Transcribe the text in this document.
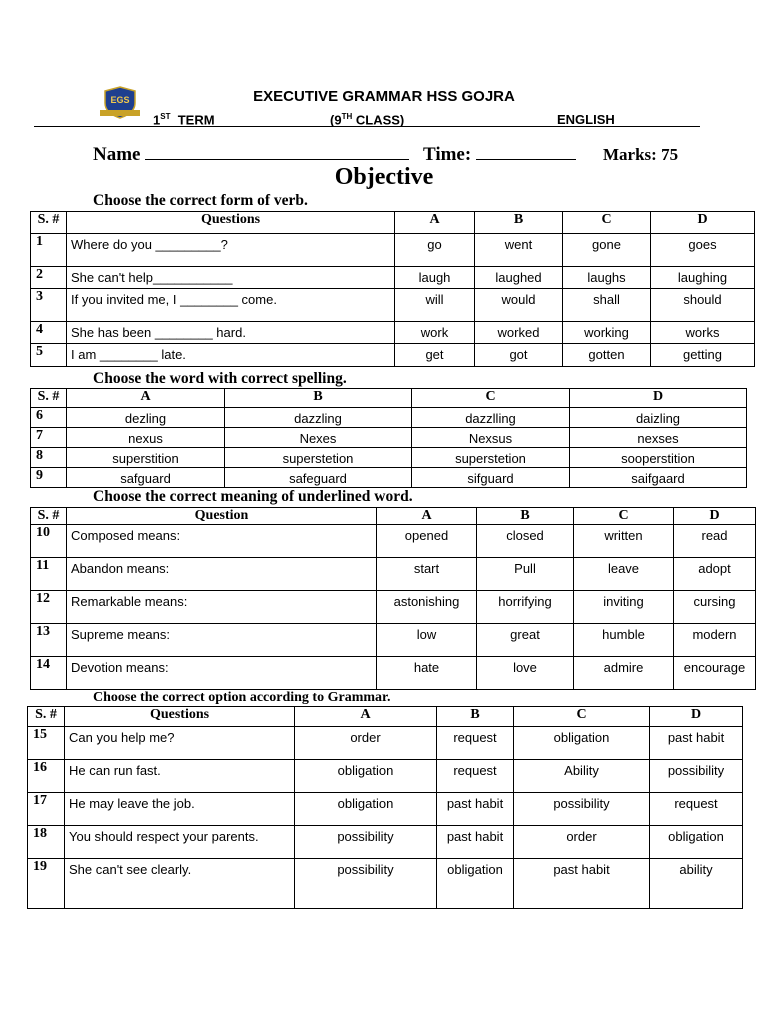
EXECUTIVE GRAMMAR HSS GOJRA
EGS
1ST TERM	(9TH CLASS)	ENGLISH
Name	Time:	Marks: 75
Objective
Choose the correct form of verb.
S. #	Questions	A	B	C	D
1	Where do you _________?	go	went	gone	goes
2	She can't help___________	laugh	laughed	laughs	laughing
3	If you invited me, I ________ come.	will	would	shall	should
4	She has been ________ hard.	work	worked	working	works
5	I am ________ late.	get	got	gotten	getting
Choose the word with correct spelling.
S. #	A	B	C	D
6	dezling	dazzling	dazzlling	daizling
7	nexus	Nexes	Nexsus	nexses
8	superstition	superstetion	superstetion	sooperstition
9	safguard	safeguard	sifguard	saifgaard
Choose the correct meaning of underlined word.
S. #	Question	A	B	C	D
10	Composed means:	opened	closed	written	read
11	Abandon means:	start	Pull	leave	adopt
12	Remarkable means:	astonishing	horrifying	inviting	cursing
13	Supreme means:	low	great	humble	modern
14	Devotion means:	hate	love	admire	encourage
Choose the correct option according to Grammar.
S. #	Questions	A	B	C	D
15	Can you help me?	order	request	obligation	past habit
16	He can run fast.	obligation	request	Ability	possibility
17	He may leave the job.	obligation	past habit	possibility	request
18	You should respect your parents.	possibility	past habit	order	obligation
19	She can't see clearly.	possibility	obligation	past habit	ability
